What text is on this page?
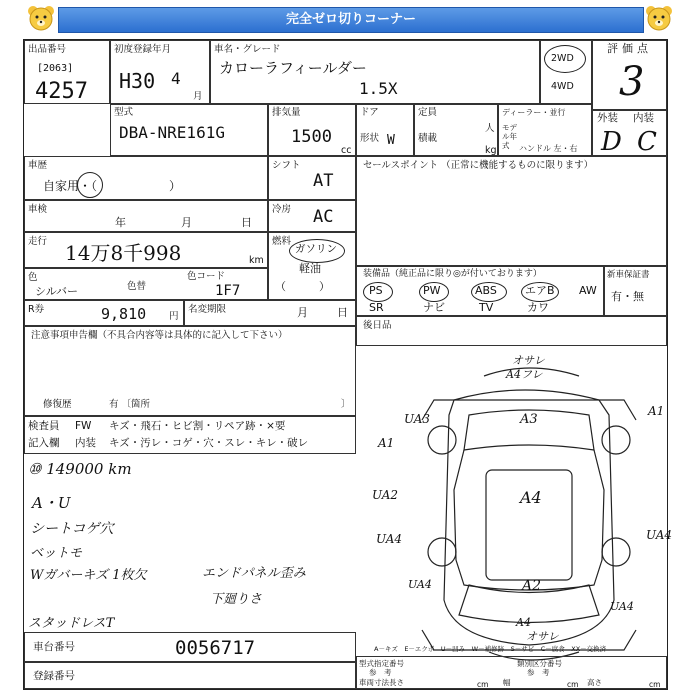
完全ゼロ切りコーナー
出品番号
[2063]
4257
初度登録年月
H30 4
月
車名・グレード
カローラフィールダー
1.5X
2WD
4WD
評価点
3
型式
DBA-NRE161G
排気量
1500
cc
ドア
形状 W
定員
人
積載
kg
ディーラー・並行
モデル年式	ハンドル 左・右
外装 内装
D C
車歴
自家用・（　　　　　　）
シフト
AT
車検
年	月	日
冷房 AC
走行 14万8千998	km
燃料
ガソリン
軽油
（　　　）
色
シルバー	色替
色コード
1F7
R券	9,810 円
名変期限	月	日
注意事項申告欄（不具合内容等は具体的に記入して下さい）
修復歴	有 〔箇所	〕
検査員
記入欄
FW キズ・飛石・ヒビ割・リペア跡・×要
内装 キズ・汚レ・コゲ・穴・スレ・キレ・破レ
⑩ 149000 km
A・U
シートコゲ穴
ベットモ
Wガバーキズ 1枚欠	エンドパネル歪み
下廻りさ
スタッドレスT
車台番号	0056717
登録番号
セールスポイント （正常に機能するものに限ります）
装備品（純正品に限り◎が付いております）
PS	PW	ABS	エアB AW
SR	ナビ	TV	カワ
新車保証書
有・無
後日品
オサレ
A4フレ
A3
A1
UA3
A1
A4
UA2
UA4	UA4
A2
UA4
A4
UA4
オサレ
A－キズ　E－エクボ　U－凹み　W－補修跡　S－サビ　C－腐食　XX－交換済
型式指定番号
参　考
類別区分番号
参　考
車両寸法長さ	cm 幅	cm 高さ	cm
